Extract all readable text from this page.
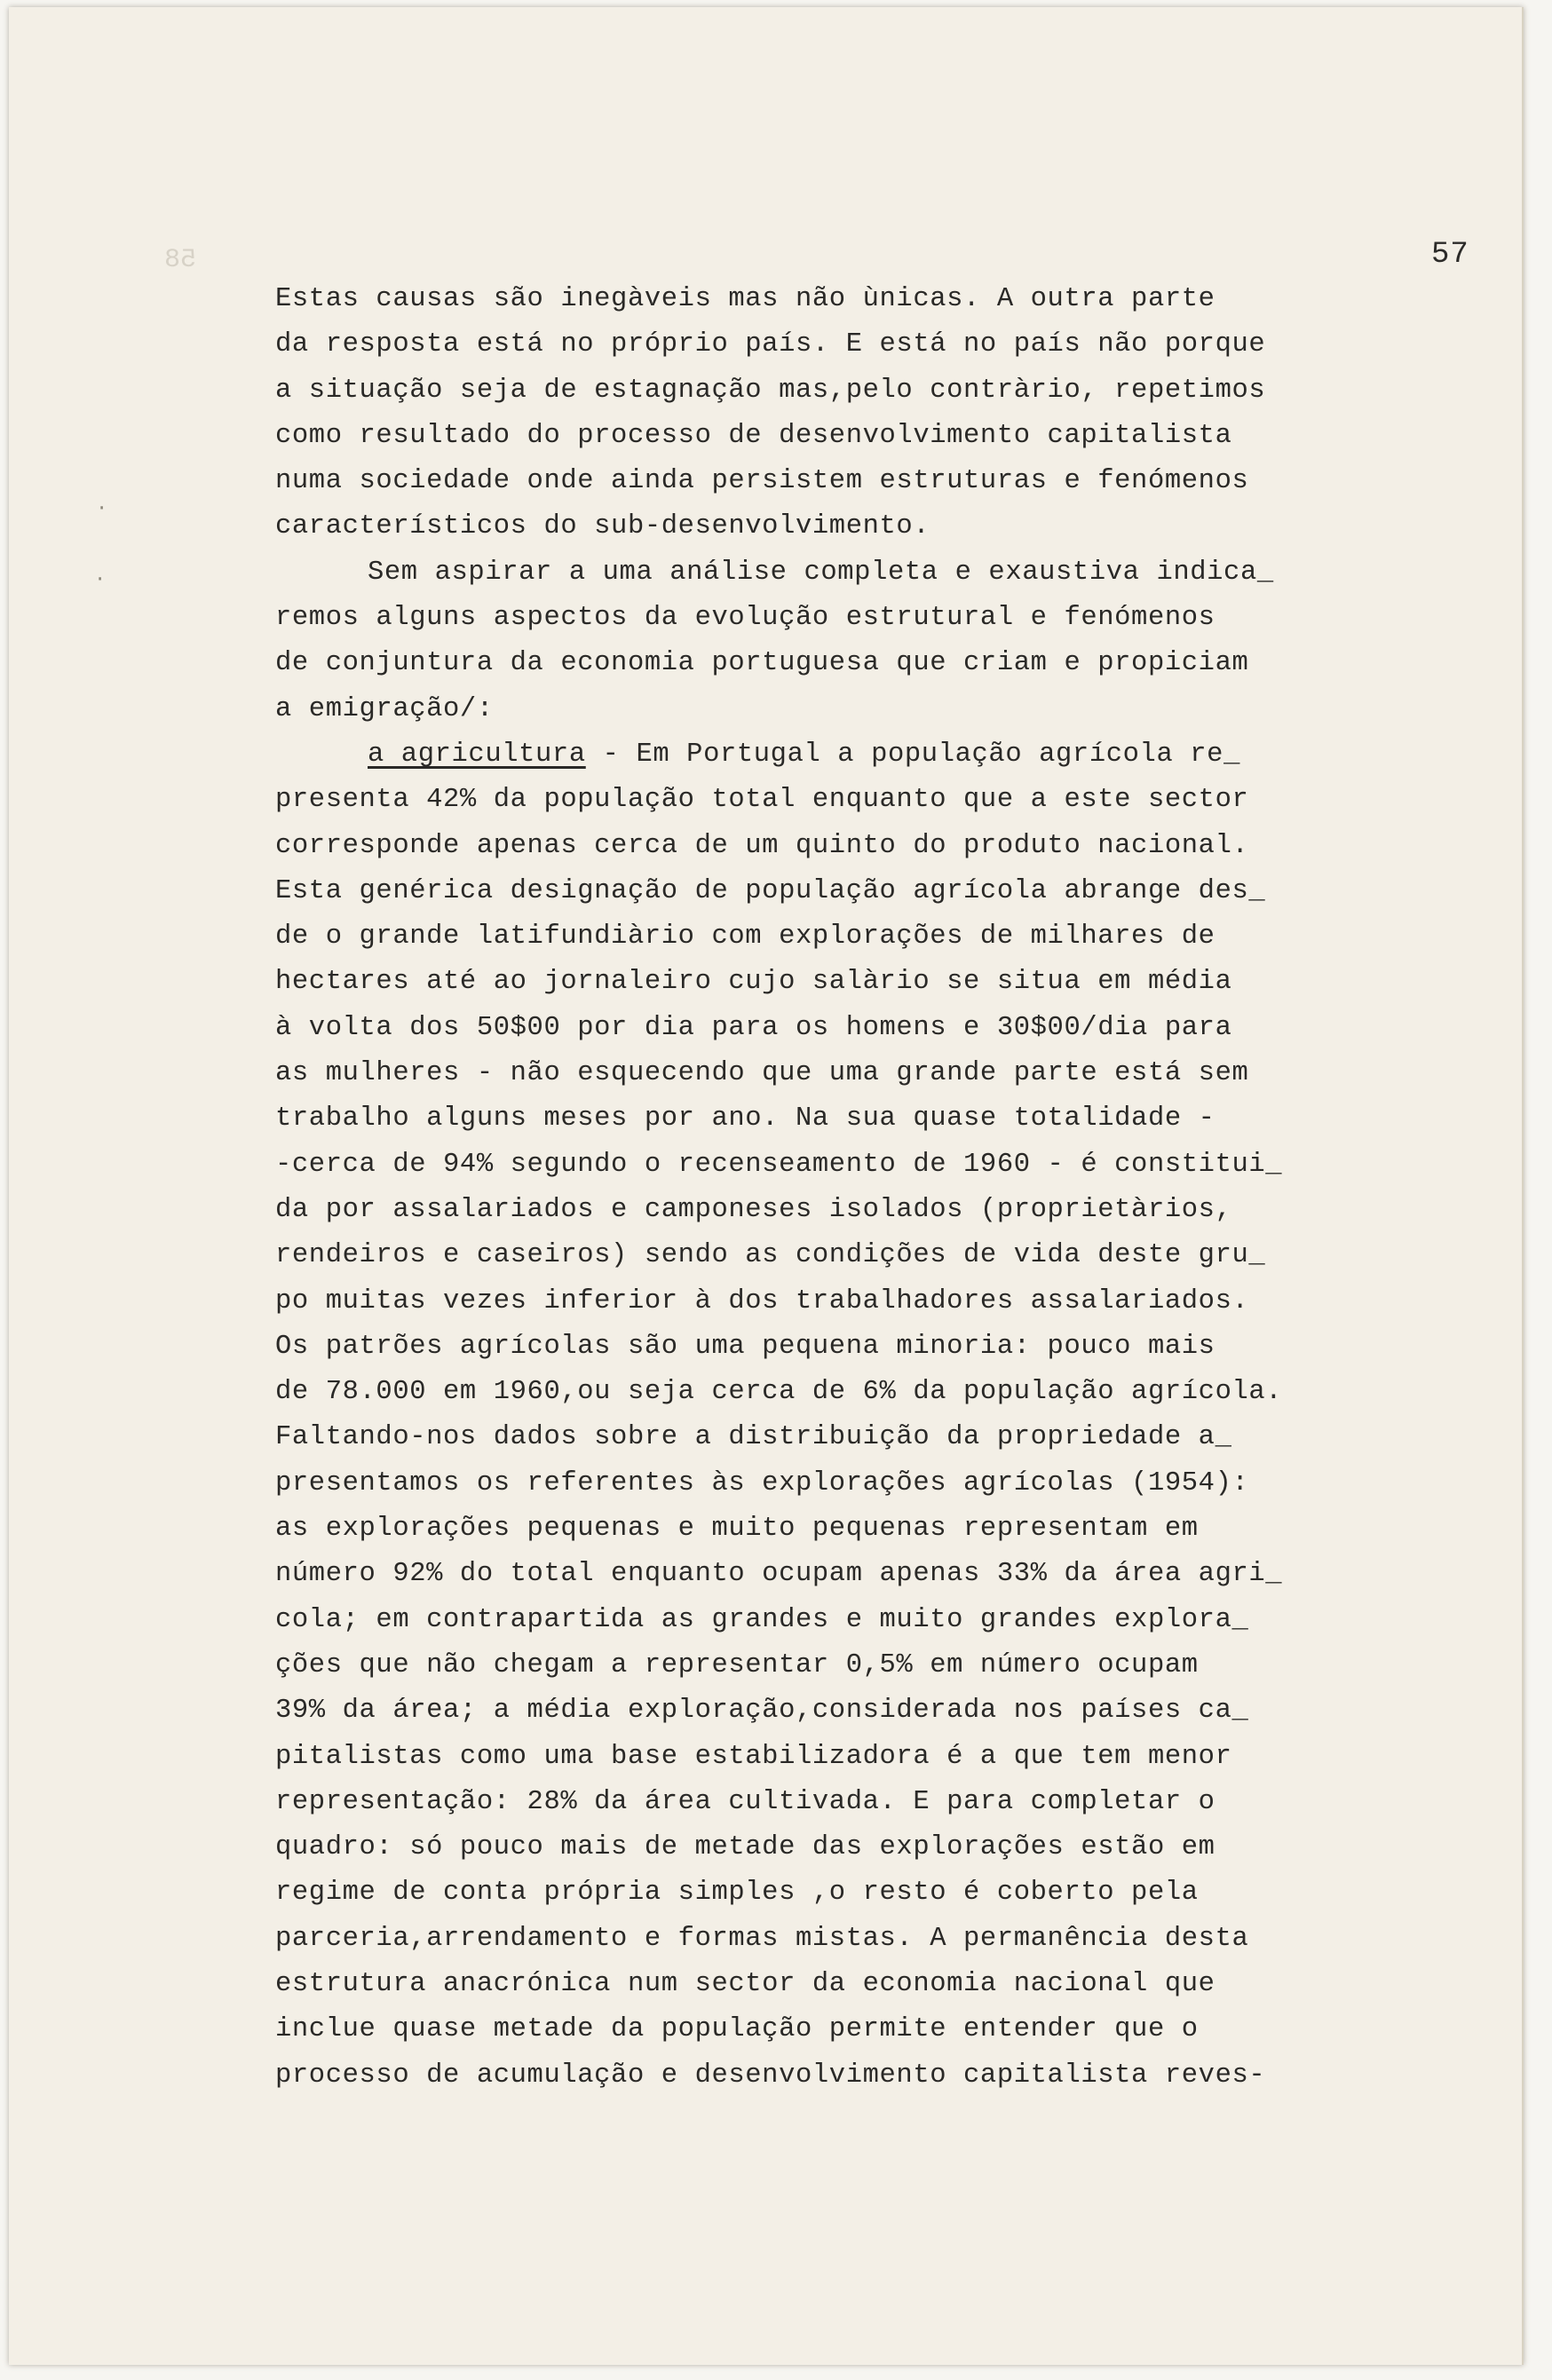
58
·
·
57
Estas causas são inegàveis mas não ùnicas. A outra parte
da resposta está no próprio país. E está no país não porque
a situação seja de estagnação mas,pelo contràrio, repetimos
como resultado do processo de desenvolvimento capitalista
numa sociedade onde ainda persistem estruturas e fenómenos
característicos do sub-desenvolvimento.
Sem aspirar a uma análise completa e exaustiva indica_
remos alguns aspectos da evolução estrutural e fenómenos
de conjuntura da economia portuguesa que criam e propiciam
a emigração/:
a agricultura - Em Portugal a população agrícola re_
presenta 42% da população total enquanto que a este sector
corresponde apenas cerca de um quinto do produto nacional.
Esta genérica designação de população agrícola abrange des_
de o grande latifundiàrio com explorações de milhares de
hectares até ao jornaleiro cujo salàrio se situa em média
à volta dos 50$00 por dia para os homens e 30$00/dia para
as mulheres - não esquecendo que uma grande parte está sem
trabalho alguns meses por ano. Na sua quase totalidade -
-cerca de 94% segundo o recenseamento de 1960 - é constitui_
da por assalariados e camponeses isolados (proprietàrios,
rendeiros e caseiros) sendo as condições de vida deste gru_
po muitas vezes inferior à dos trabalhadores assalariados.
Os patrões agrícolas são uma pequena minoria: pouco mais
de 78.000 em 1960,ou seja cerca de 6% da população agrícola.
Faltando-nos dados sobre a distribuição da propriedade a_
presentamos os referentes às explorações agrícolas (1954):
as explorações pequenas e muito pequenas representam em
número 92% do total enquanto ocupam apenas 33% da área agri_
cola; em contrapartida as grandes e muito grandes explora_
ções que não chegam a representar 0,5% em número ocupam
39% da área; a média exploração,considerada nos países ca_
pitalistas como uma base estabilizadora é a que tem menor
representação: 28% da área cultivada. E para completar o
quadro: só pouco mais de metade das explorações estão em
regime de conta própria simples ,o resto é coberto pela
parceria,arrendamento e formas mistas. A permanência desta
estrutura anacrónica num sector da economia nacional que
inclue quase metade da população permite entender que o
processo de acumulação e desenvolvimento capitalista reves-
